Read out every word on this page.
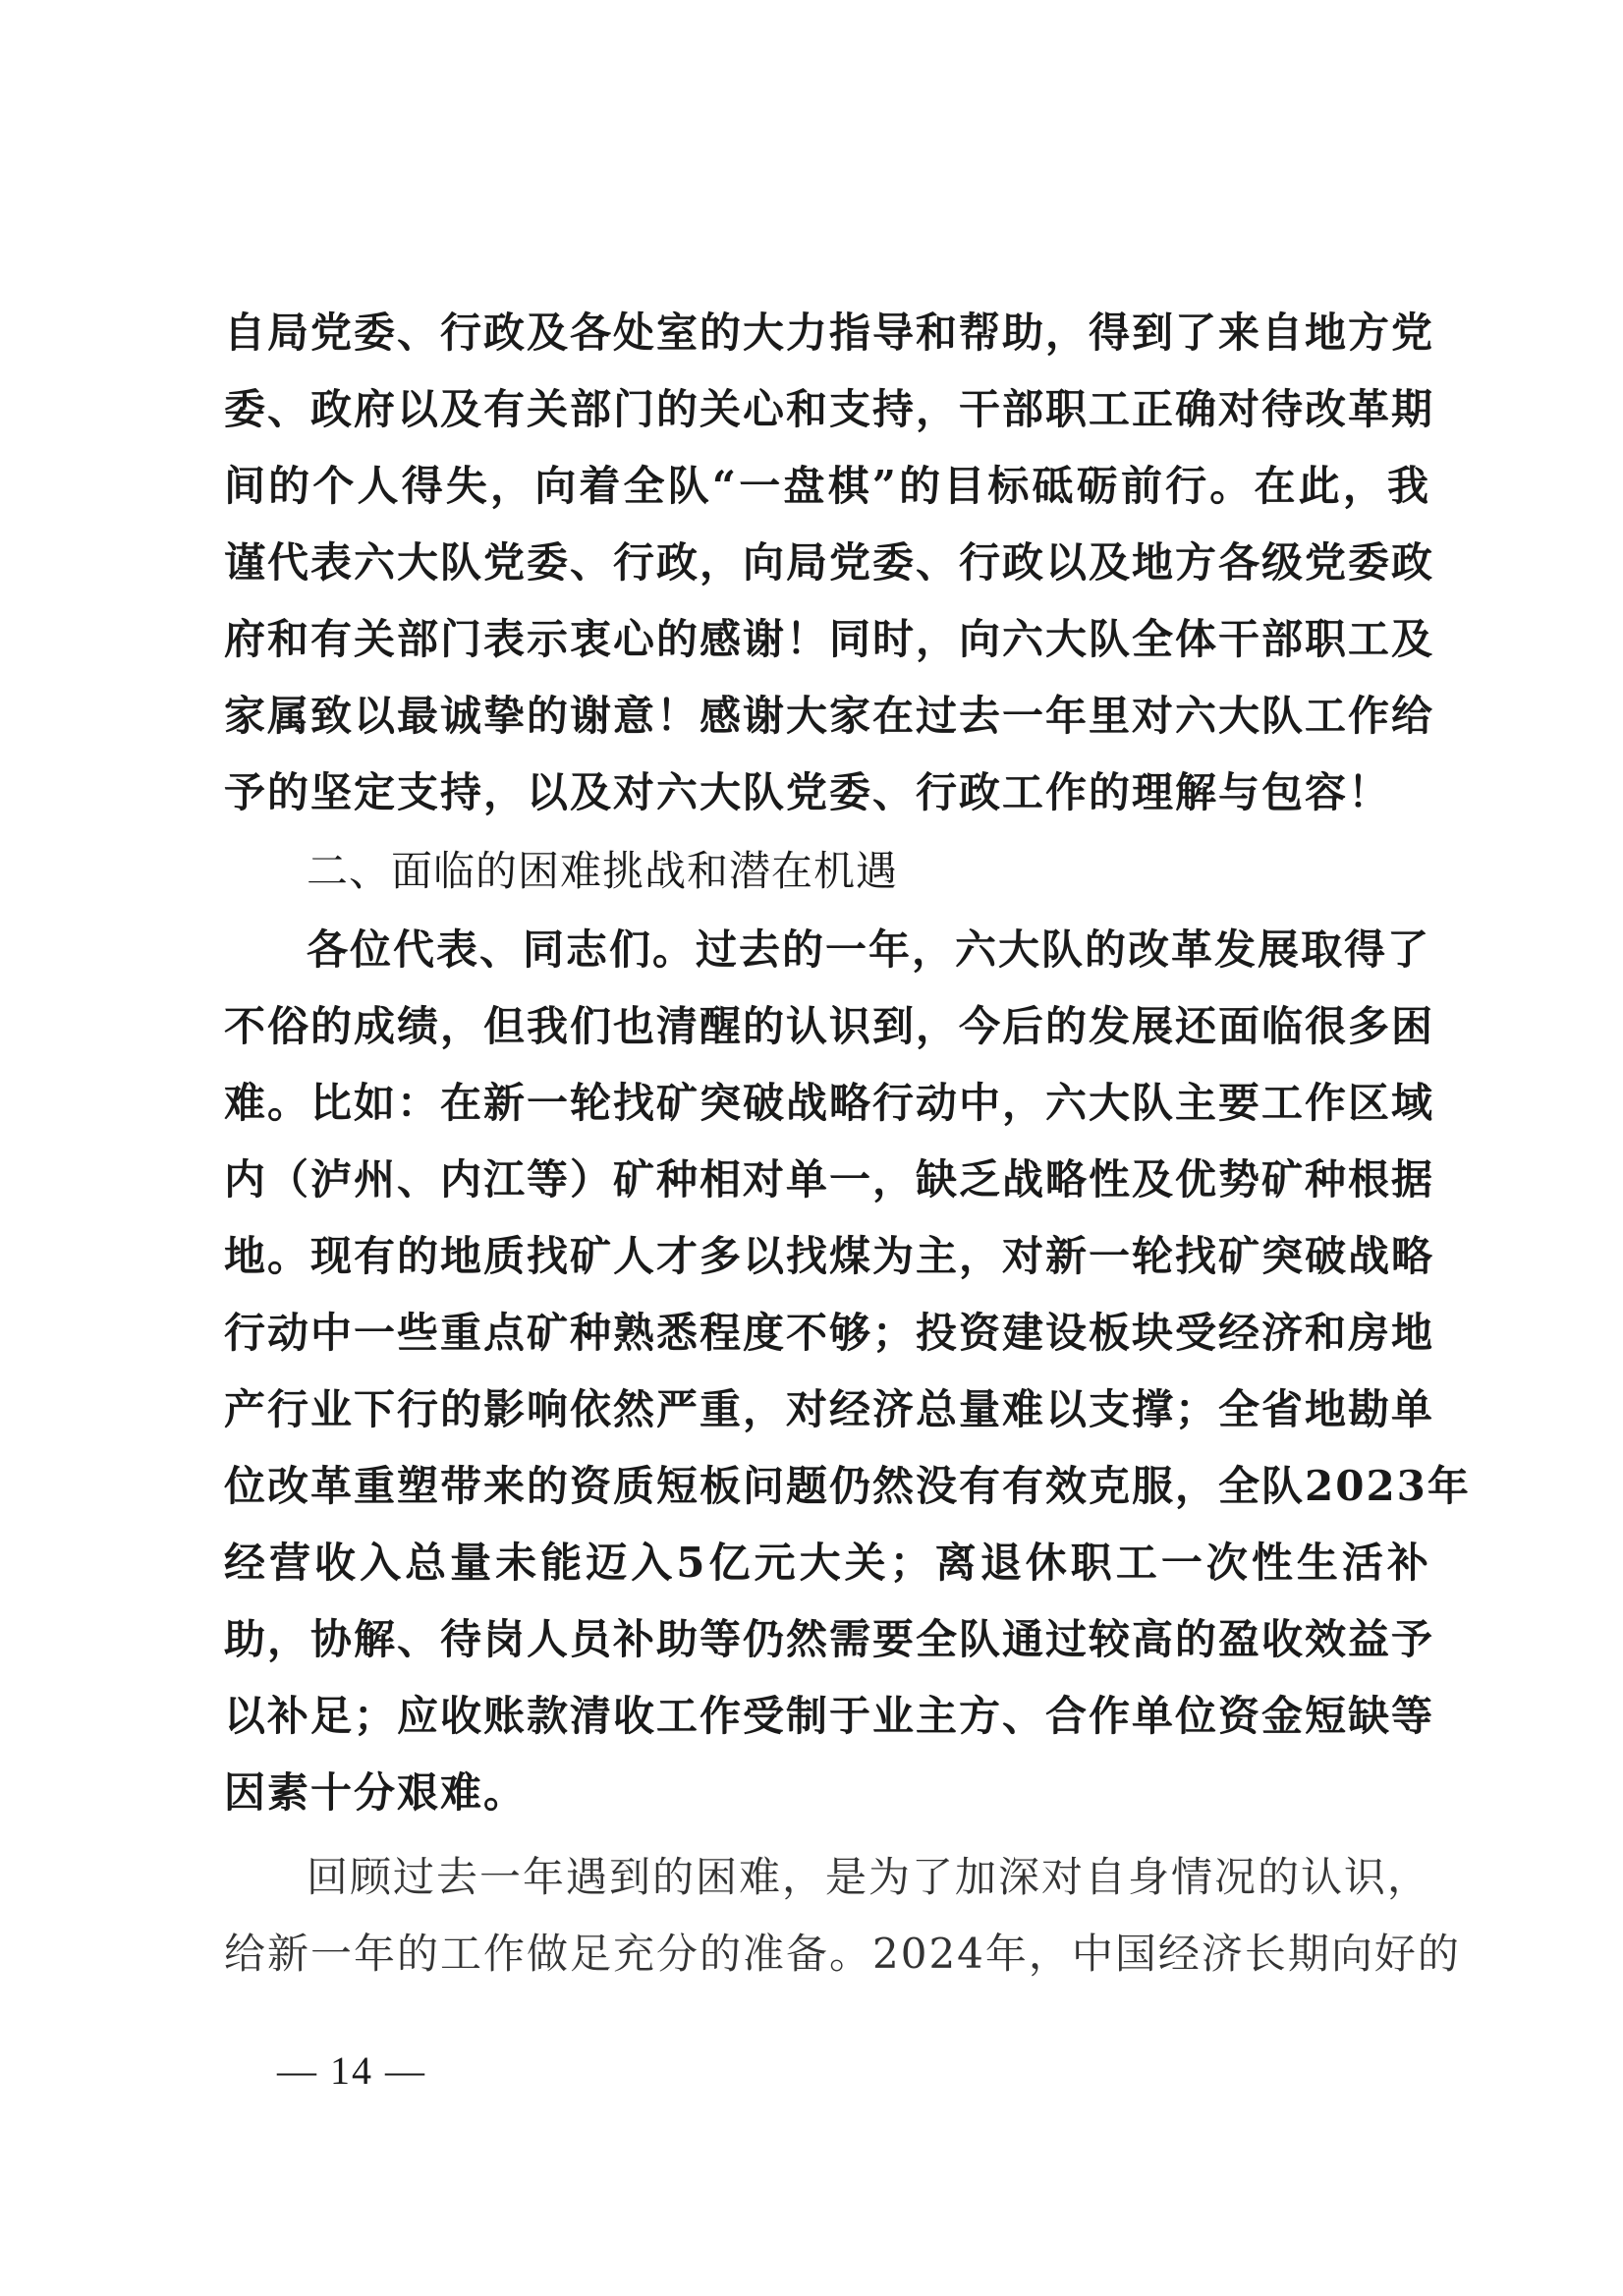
自局党委、行政及各处室的大力指导和帮助，得到了来自地方党
委、政府以及有关部门的关心和支持，干部职工正确对待改革期
间的个人得失，向着全队“一盘棋”的目标砥砺前行。在此，我
谨代表六大队党委、行政，向局党委、行政以及地方各级党委政
府和有关部门表示衷心的感谢！同时，向六大队全体干部职工及
家属致以最诚挚的谢意！感谢大家在过去一年里对六大队工作给
予的坚定支持，以及对六大队党委、行政工作的理解与包容！
二、面临的困难挑战和潜在机遇
各位代表、同志们。过去的一年，六大队的改革发展取得了
不俗的成绩，但我们也清醒的认识到，今后的发展还面临很多困
难。比如：在新一轮找矿突破战略行动中，六大队主要工作区域
内（泸州、内江等）矿种相对单一，缺乏战略性及优势矿种根据
地。现有的地质找矿人才多以找煤为主，对新一轮找矿突破战略
行动中一些重点矿种熟悉程度不够；投资建设板块受经济和房地
产行业下行的影响依然严重，对经济总量难以支撑；全省地勘单
位改革重塑带来的资质短板问题仍然没有有效克服，全队2023年
经营收入总量未能迈入5亿元大关；离退休职工一次性生活补
助，协解、待岗人员补助等仍然需要全队通过较高的盈收效益予
以补足；应收账款清收工作受制于业主方、合作单位资金短缺等
因素十分艰难。
回顾过去一年遇到的困难，是为了加深对自身情况的认识，
给新一年的工作做足充分的准备。2024年，中国经济长期向好的
— 14 —
